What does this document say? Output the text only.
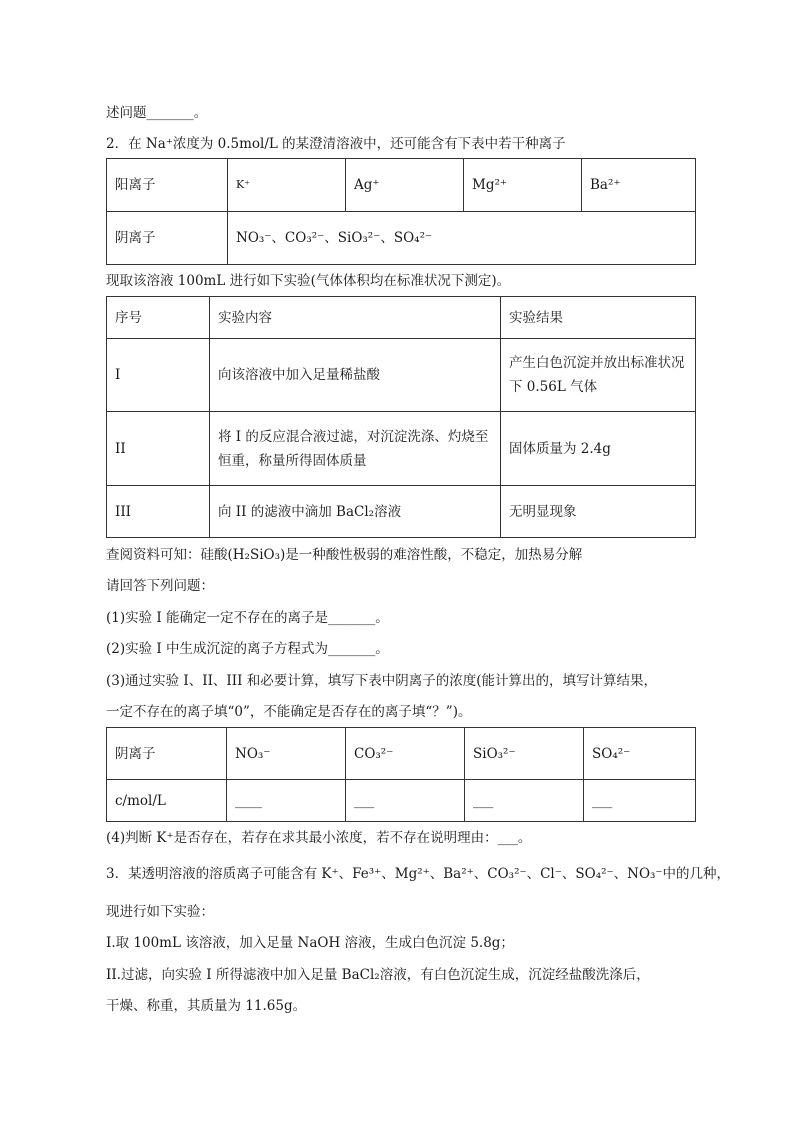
述问题_______。
2．在 Na⁺浓度为 0.5mol/L 的某澄清溶液中，还可能含有下表中若干种离子
阳离子	K⁺	Ag⁺	Mg²⁺	Ba²⁺
阴离子	NO₃⁻、CO₃²⁻、SiO₃²⁻、SO₄²⁻			
现取该溶液 100mL 进行如下实验(气体体积均在标准状况下测定)。
序号	实验内容	实验结果
I	向该溶液中加入足量稀盐酸	产生白色沉淀并放出标准状况下 0.56L 气体
II	将 I 的反应混合液过滤，对沉淀洗涤、灼烧至恒重，称量所得固体质量	固体质量为 2.4g
III	向 II 的滤液中滴加 BaCl₂溶液	无明显现象
查阅资料可知：硅酸(H₂SiO₃)是一种酸性极弱的难溶性酸，不稳定，加热易分解
请回答下列问题：
(1)实验 I 能确定一定不存在的离子是_______。
(2)实验 I 中生成沉淀的离子方程式为_______。
(3)通过实验 I、II、III 和必要计算，填写下表中阴离子的浓度(能计算出的，填写计算结果，
一定不存在的离子填“0”，不能确定是否存在的离子填“？”)。
阴离子	NO₃⁻	CO₃²⁻	SiO₃²⁻	SO₄²⁻
c/mol/L	____	___	___	___
(4)判断 K⁺是否存在，若存在求其最小浓度，若不存在说明理由：___。
3．某透明溶液的溶质离子可能含有 K⁺、Fe³⁺、Mg²⁺、Ba²⁺、CO₃²⁻、Cl⁻、SO₄²⁻、NO₃⁻中的几种，
现进行如下实验：
I.取 100mL 该溶液，加入足量 NaOH 溶液，生成白色沉淀 5.8g；
II.过滤，向实验 I 所得滤液中加入足量 BaCl₂溶液，有白色沉淀生成，沉淀经盐酸洗涤后，
干燥、称重，其质量为 11.65g。
